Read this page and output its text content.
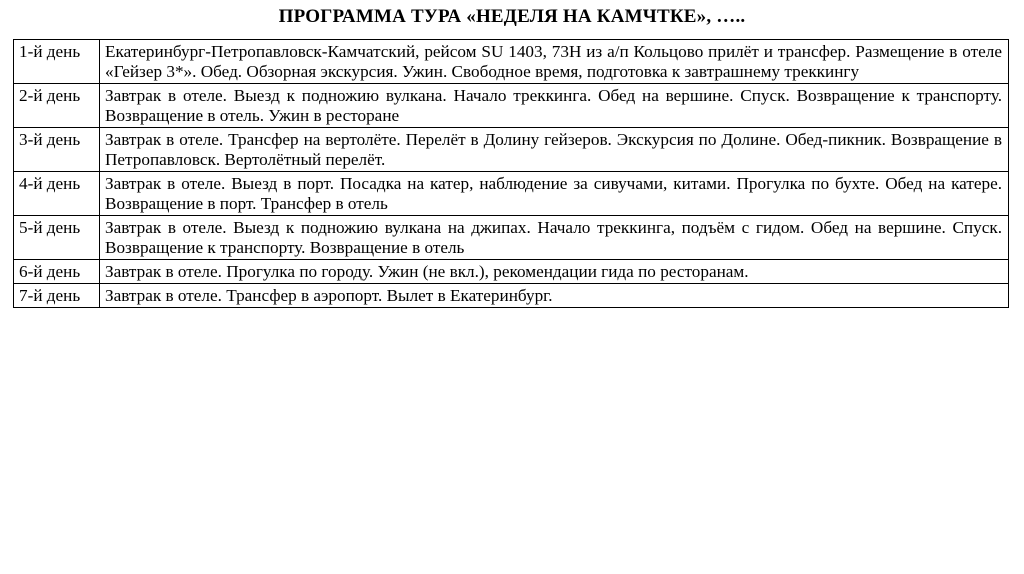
ПРОГРАММА ТУРА «НЕДЕЛЯ НА КАМЧТКЕ», …..
1-й день	Екатеринбург-Петропавловск-Камчатский, рейсом SU 1403, 73Н из а/п Кольцово прилёт и трансфер. Размещение в отеле «Гейзер 3*». Обед. Обзорная экскурсия. Ужин. Свободное время, подготовка к завтрашнему треккингу
2-й день	Завтрак в отеле. Выезд к подножию вулкана. Начало треккинга. Обед на вершине. Спуск. Возвращение к транспорту. Возвращение в отель. Ужин в ресторане
3-й день	Завтрак в отеле. Трансфер на вертолёте. Перелёт в Долину гейзеров. Экскурсия по Долине. Обед-пикник. Возвращение в Петропавловск. Вертолётный перелёт.
4-й день	Завтрак в отеле. Выезд в порт. Посадка на катер, наблюдение за сивучами, китами. Прогулка по бухте. Обед на катере. Возвращение в порт. Трансфер в отель
5-й день	Завтрак в отеле. Выезд к подножию вулкана на джипах. Начало треккинга, подъём с гидом. Обед на вершине. Спуск. Возвращение к транспорту. Возвращение в отель
6-й день	Завтрак в отеле. Прогулка по городу. Ужин (не вкл.), рекомендации гида по ресторанам.
7-й день	Завтрак в отеле. Трансфер в аэропорт. Вылет в Екатеринбург.
